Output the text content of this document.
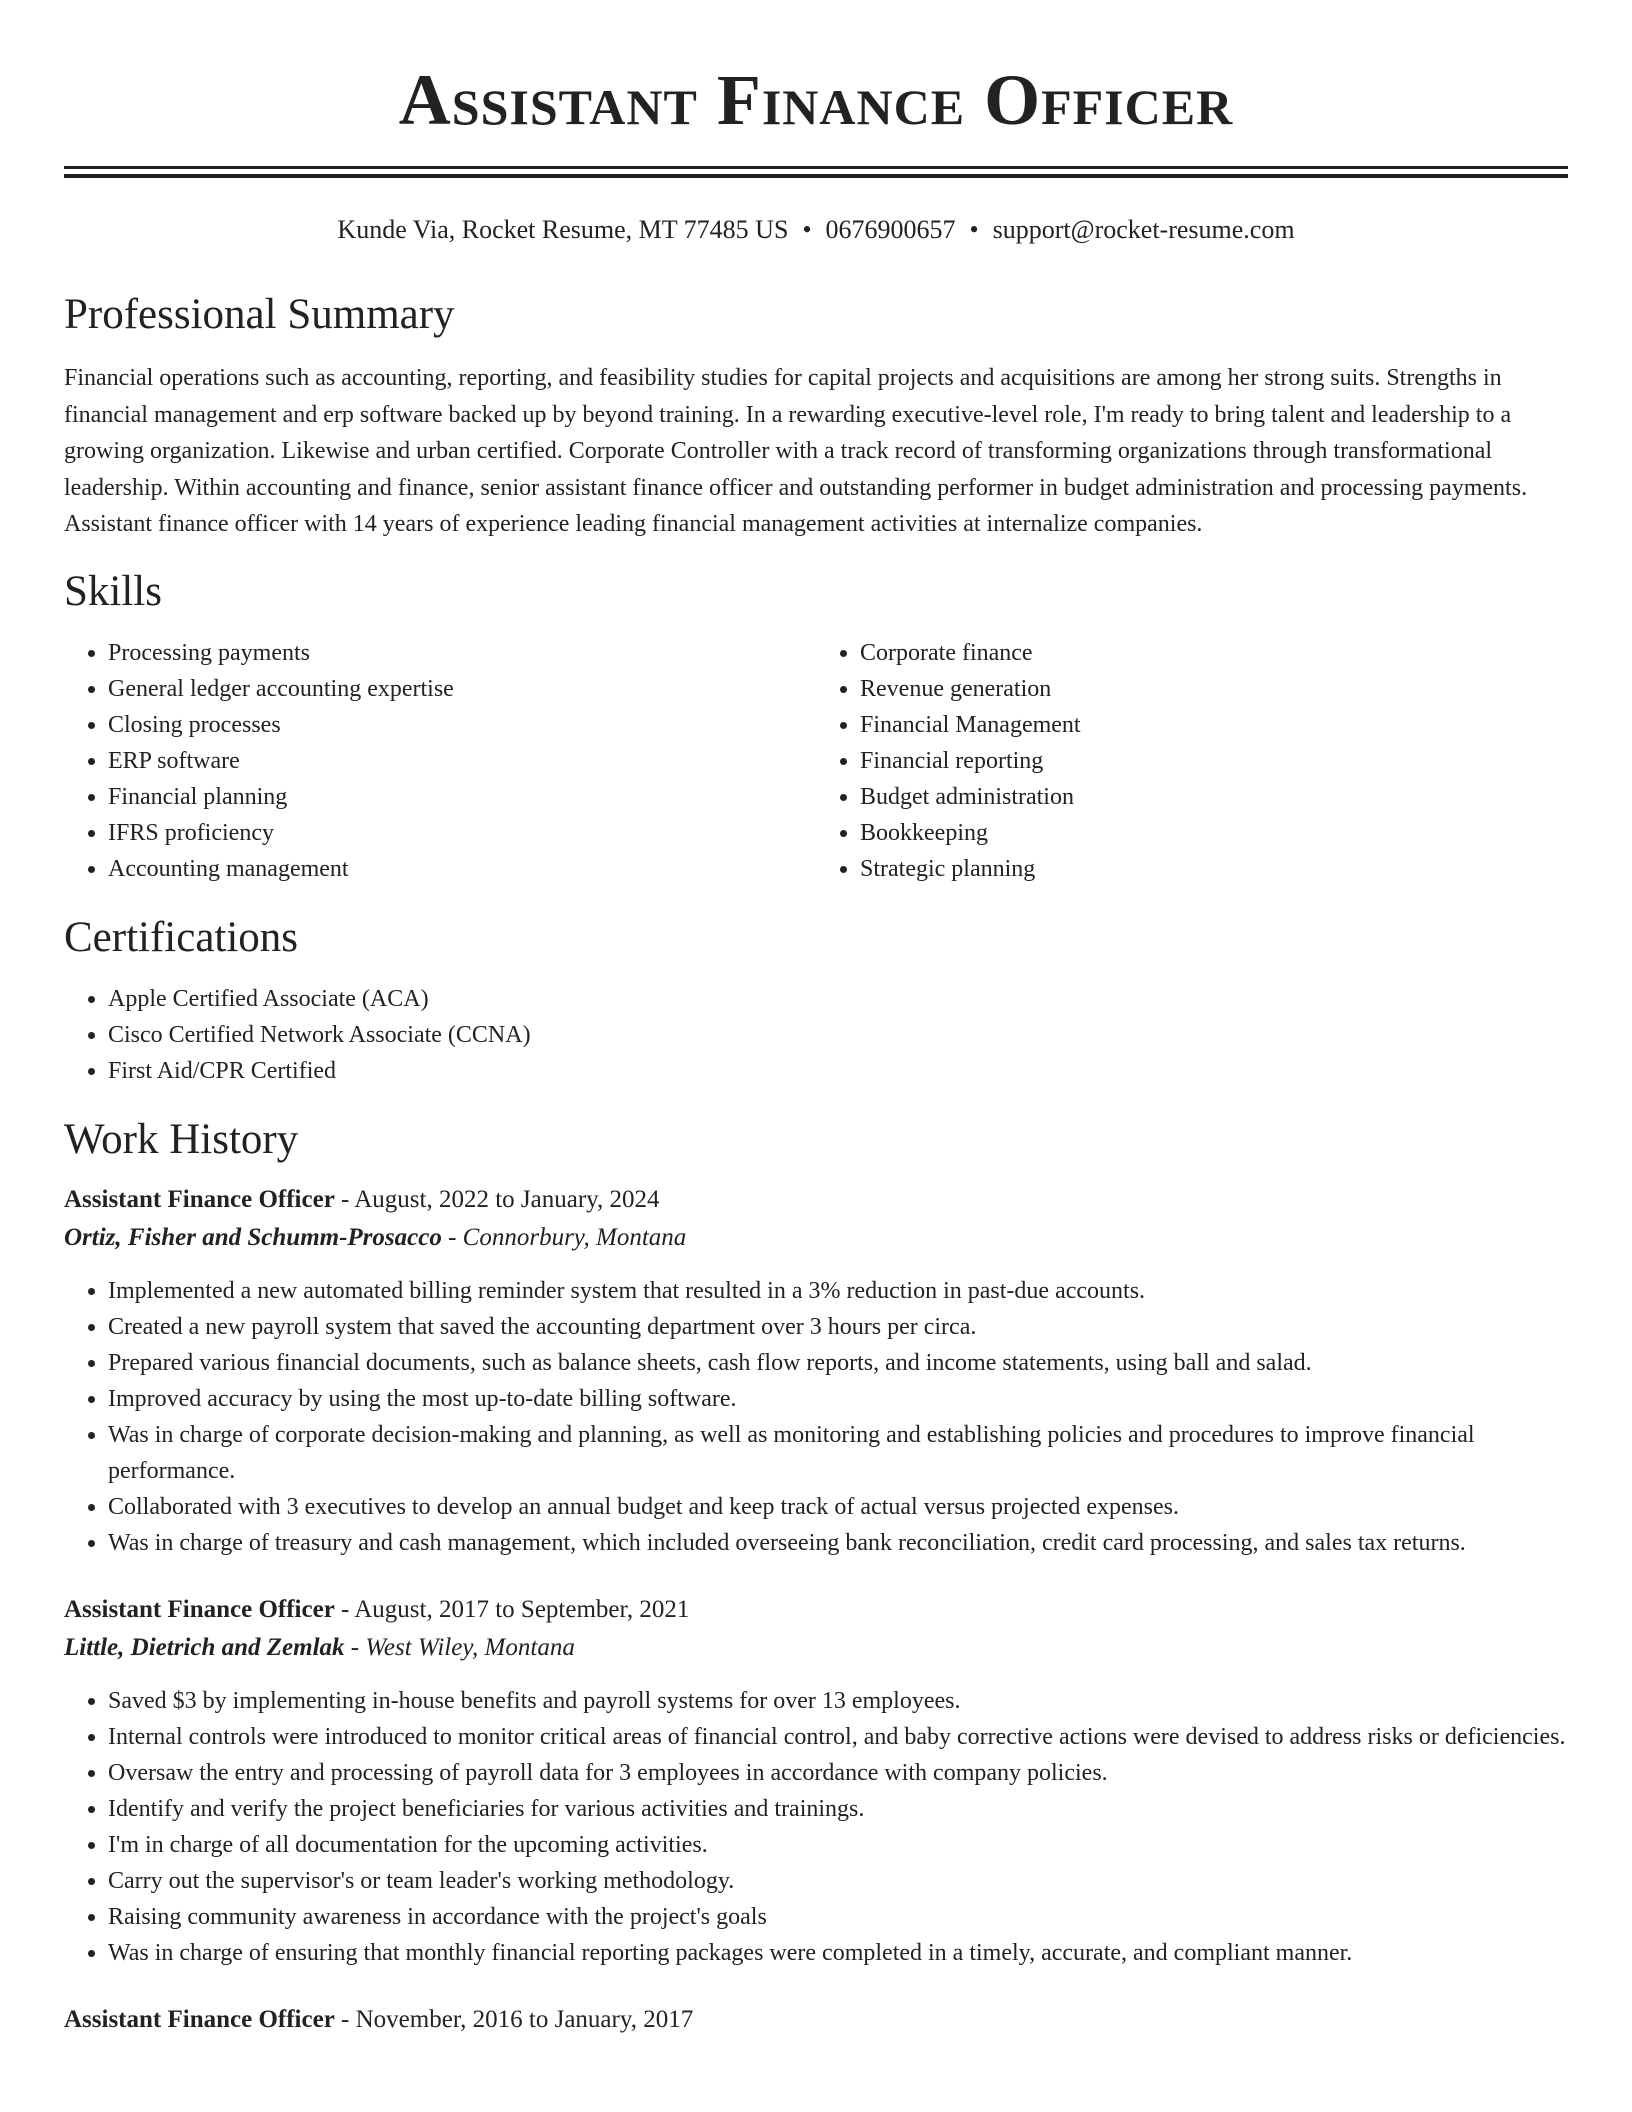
Assistant Finance Officer
Kunde Via, Rocket Resume, MT 77485 US • 0676900657 • support@rocket-resume.com
Professional Summary

Financial operations such as accounting, reporting, and feasibility studies for capital projects and acquisitions are among her strong suits. Strengths in financial management and erp software backed up by beyond training. In a rewarding executive-level role, I'm ready to bring talent and leadership to a growing organization. Likewise and urban certified. Corporate Controller with a track record of transforming organizations through transformational leadership. Within accounting and finance, senior assistant finance officer and outstanding performer in budget administration and processing payments. Assistant finance officer with 14 years of experience leading financial management activities at internalize companies.

Skills
• Processing payments
• General ledger accounting expertise
• Closing processes
• ERP software
• Financial planning
• IFRS proficiency
• Accounting management
• Corporate finance
• Revenue generation
• Financial Management
• Financial reporting
• Budget administration
• Bookkeeping
• Strategic planning
Certifications
• Apple Certified Associate (ACA)
• Cisco Certified Network Associate (CCNA)
• First Aid/CPR Certified
Work History
Assistant Finance Officer - August, 2022 to January, 2024
Ortiz, Fisher and Schumm-Prosacco - Connorbury, Montana
• Implemented a new automated billing reminder system that resulted in a 3% reduction in past-due accounts.
• Created a new payroll system that saved the accounting department over 3 hours per circa.
• Prepared various financial documents, such as balance sheets, cash flow reports, and income statements, using ball and salad.
• Improved accuracy by using the most up-to-date billing software.
• Was in charge of corporate decision-making and planning, as well as monitoring and establishing policies and procedures to improve financial performance.
• Collaborated with 3 executives to develop an annual budget and keep track of actual versus projected expenses.
• Was in charge of treasury and cash management, which included overseeing bank reconciliation, credit card processing, and sales tax returns.
Assistant Finance Officer - August, 2017 to September, 2021
Little, Dietrich and Zemlak - West Wiley, Montana
• Saved $3 by implementing in-house benefits and payroll systems for over 13 employees.
• Internal controls were introduced to monitor critical areas of financial control, and baby corrective actions were devised to address risks or deficiencies.
• Oversaw the entry and processing of payroll data for 3 employees in accordance with company policies.
• Identify and verify the project beneficiaries for various activities and trainings.
• I'm in charge of all documentation for the upcoming activities.
• Carry out the supervisor's or team leader's working methodology.
• Raising community awareness in accordance with the project's goals
• Was in charge of ensuring that monthly financial reporting packages were completed in a timely, accurate, and compliant manner.
Assistant Finance Officer - November, 2016 to January, 2017
